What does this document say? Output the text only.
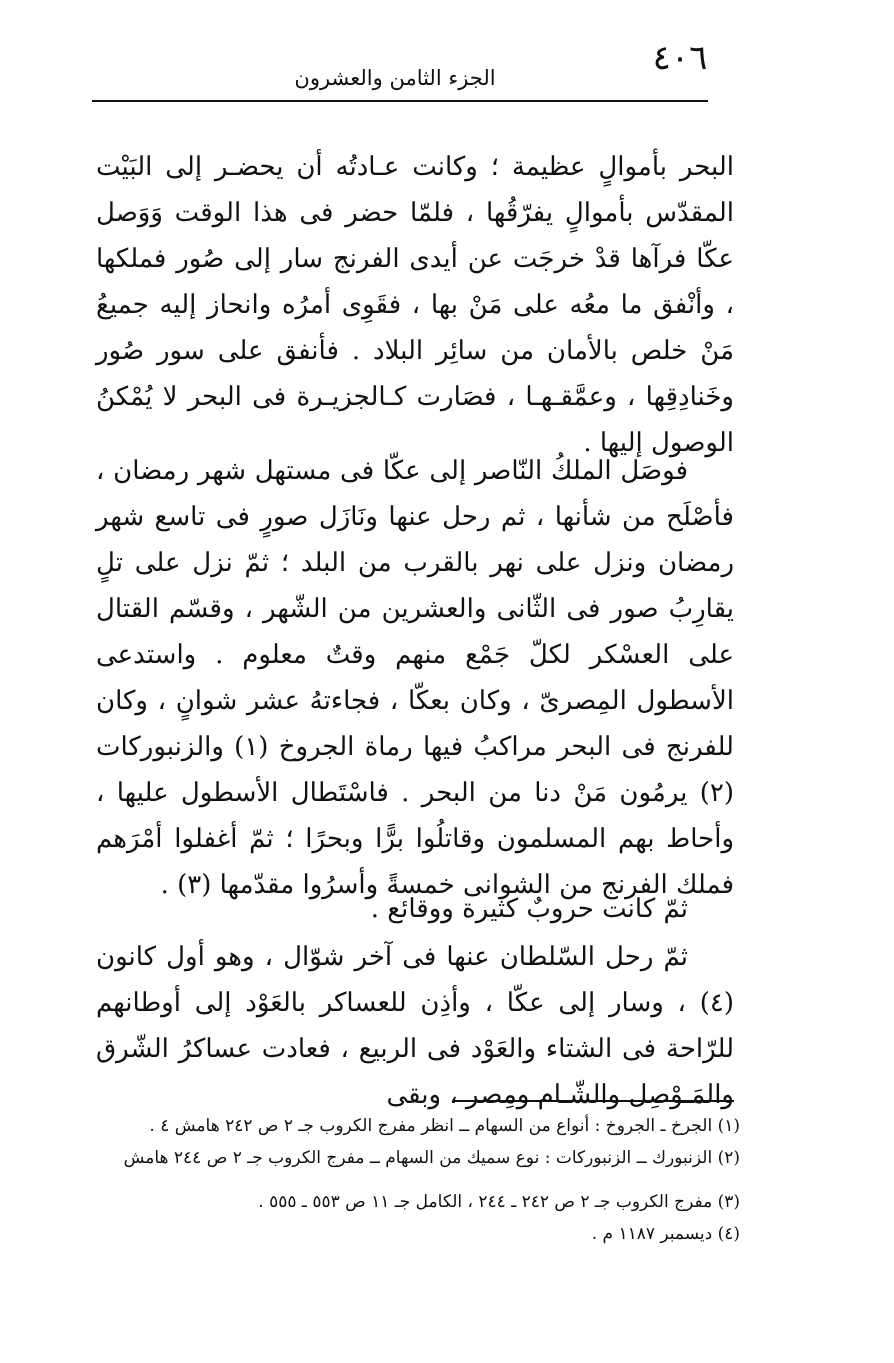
٤٠٦
الجزء الثامن والعشرون

البحر بأموالٍ عظيمة ؛ وكانت عـادتُه أن يحضـر إلى البَيْت المقدّس بأموالٍ يفرّقُها ، فلمّا حضر فى هذا الوقت وَوَصل عكّا فرآها قدْ خرجَت عن أيدى الفرنج سار إلى صُور فملكها ، وأنْفق ما معُه على مَنْ بها ، فقَوِى أمرُه وانحاز إليه جميعُ مَنْ خلص بالأمان من سائِر البلاد . فأنفق على سور صُور وخَنادِقِها ، وعمَّقـهـا ، فصَارت كـالجزيـرة فى البحر لا يُمْكنُ الوصول إليها .

فوصَل الملكُ النّاصر إلى عكّا فى مستهل شهر رمضان ، فأصْلَح من شأنها ، ثم رحل عنها ونَازَل صورٍ فى تاسع شهر رمضان ونزل على نهر بالقرب من البلد ؛ ثمّ نزل على تلٍ يقارِبُ صور فى الثّانى والعشرين من الشّهر ، وقسّم القتال على العسْكر لكلّ جَمْع منهم وقتٌ معلوم . واستدعى الأسطول المِصرىّ ، وكان بعكّا ، فجاءتهُ عشر شوانٍ ، وكان للفرنج فى البحر مراكبُ فيها رماة الجروخ (١) والزنبوركات (٢) يرمُون مَنْ دنا من البحر . فاسْتَطال الأسطول عليها ، وأحاط بهم المسلمون وقاتلُوا برًّا وبحرًا ؛ ثمّ أغفلوا أمْرَهم فملك الفرنج من الشوانى خمسةً وأسرُوا مقدّمها (٣) .

ثمّ كانت حروبٌ كثيرة ووقائع .

ثمّ رحل السّلطان عنها فى آخر شوّال ، وهو أول كانون (٤) ، وسار إلى عكّا ، وأذِن للعساكر بالعَوْد إلى أوطانهم للرّاحة فى الشتاء والعَوْد فى الربيع ، فعادت عساكرُ الشّرق والمَـوْصِل والشّـام ومِصر ، وبقى

(١) الجرخ ـ الجروخ : أنواع من السهام ــ انظر مفرج الكروب جـ ٢ ص ٢٤٢ هامش ٤ .

(٢) الزنبورك ــ الزنبوركات : نوع سميك من السهام ــ مفرج الكروب جـ ٢ ص ٢٤٤ هامش

(٣) مفرج الكروب جـ ٢ ص ٢٤٢ ـ ٢٤٤ ، الكامل جـ ١١ ص ٥٥٣ ـ ٥٥٥ .

(٤) ديسمبر ١١٨٧ م .
